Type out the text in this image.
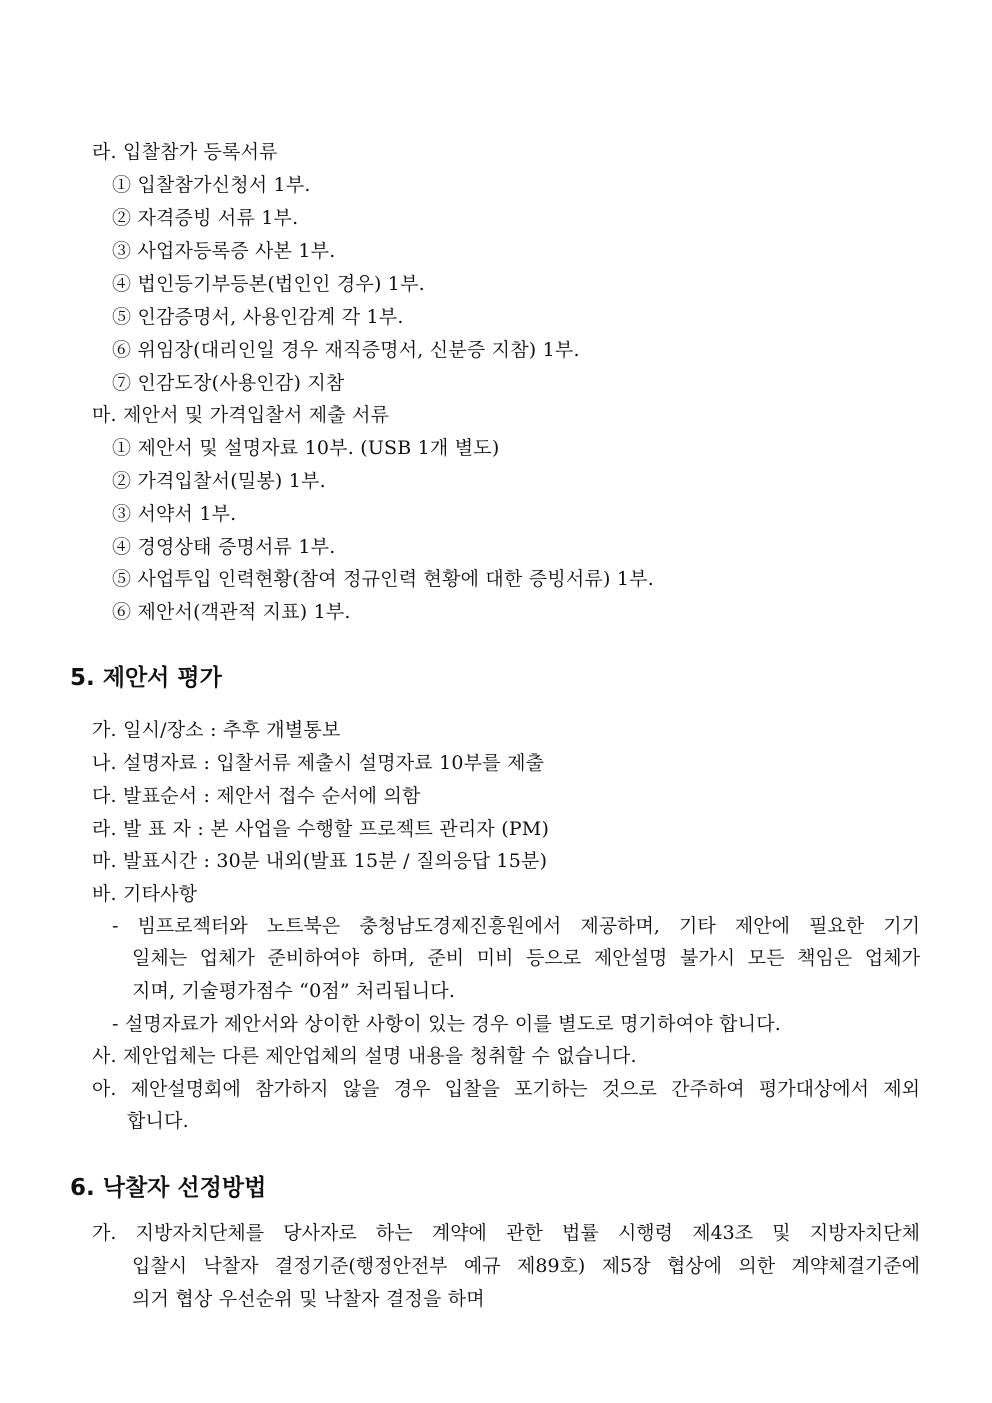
라. 입찰참가 등록서류
① 입찰참가신청서 1부.
② 자격증빙 서류 1부.
③ 사업자등록증 사본 1부.
④ 법인등기부등본(법인인 경우) 1부.
⑤ 인감증명서, 사용인감계 각 1부.
⑥ 위임장(대리인일 경우 재직증명서, 신분증 지참) 1부.
⑦ 인감도장(사용인감) 지참
마. 제안서 및 가격입찰서 제출 서류
① 제안서 및 설명자료 10부. (USB 1개 별도)
② 가격입찰서(밀봉) 1부.
③ 서약서 1부.
④ 경영상태 증명서류 1부.
⑤ 사업투입 인력현황(참여 정규인력 현황에 대한 증빙서류) 1부.
⑥ 제안서(객관적 지표) 1부.
5. 제안서 평가
가. 일시/장소 : 추후 개별통보
나. 설명자료 : 입찰서류 제출시 설명자료 10부를 제출
다. 발표순서 : 제안서 접수 순서에 의함
라. 발 표 자 : 본 사업을 수행할 프로젝트 관리자 (PM)
마. 발표시간 : 30분 내외(발표 15분 / 질의응답 15분)
바. 기타사항
- 빔프로젝터와 노트북은 충청남도경제진흥원에서 제공하며, 기타 제안에 필요한 기기
일체는 업체가 준비하여야 하며, 준비 미비 등으로 제안설명 불가시 모든 책임은 업체가
지며, 기술평가점수 “0점” 처리됩니다.
- 설명자료가 제안서와 상이한 사항이 있는 경우 이를 별도로 명기하여야 합니다.
사. 제안업체는 다른 제안업체의 설명 내용을 청취할 수 없습니다.
아. 제안설명회에 참가하지 않을 경우 입찰을 포기하는 것으로 간주하여 평가대상에서 제외
합니다.
6. 낙찰자 선정방법
가. 지방자치단체를 당사자로 하는 계약에 관한 법률 시행령 제43조 및 지방자치단체
입찰시 낙찰자 결정기준(행정안전부 예규 제89호) 제5장 협상에 의한 계약체결기준에
의거 협상 우선순위 및 낙찰자 결정을 하며
